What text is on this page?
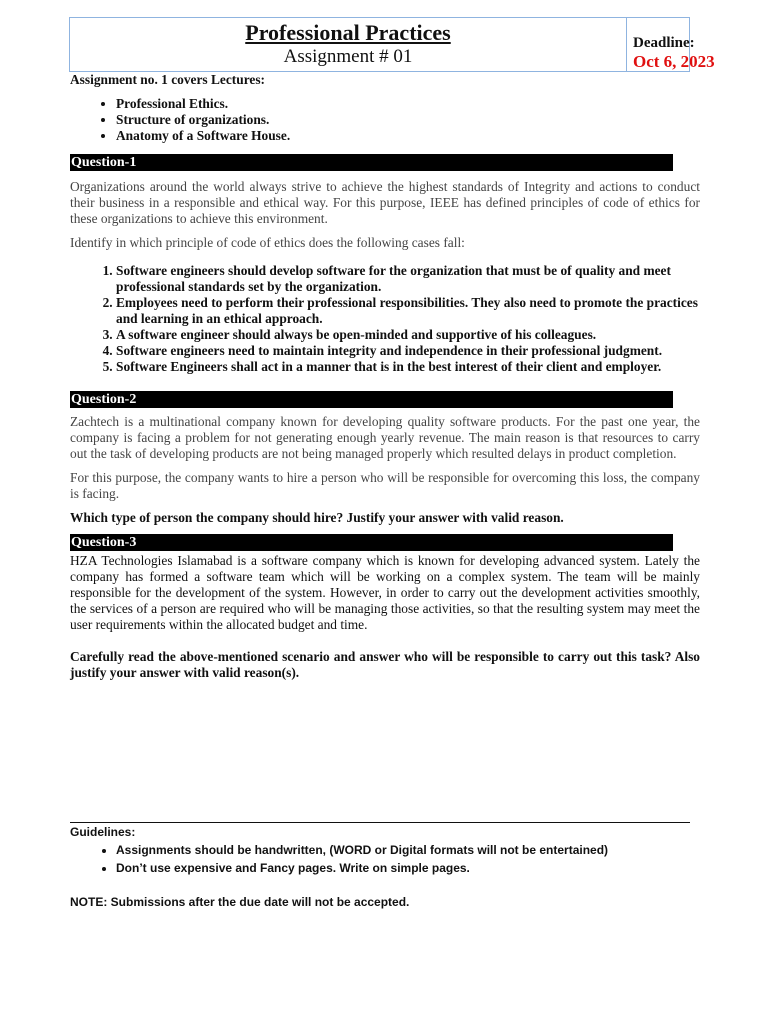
Professional Practices
Assignment # 01
Deadline:
Oct 6, 2023
Assignment no. 1 covers Lectures:
• Professional Ethics.
• Structure of organizations.
• Anatomy of a Software House.
Question-1

Organizations around the world always strive to achieve the highest standards of Integrity and actions to conduct their business in a responsible and ethical way. For this purpose, IEEE has defined principles of code of ethics for these organizations to achieve this environment.

Identify in which principle of code of ethics does the following cases fall:

1. Software engineers should develop software for the organization that must be of quality and meet professional standards set by the organization.
2. Employees need to perform their professional responsibilities. They also need to promote the practices and learning in an ethical approach.
3. A software engineer should always be open-minded and supportive of his colleagues.
4. Software engineers need to maintain integrity and independence in their professional judgment.
5. Software Engineers shall act in a manner that is in the best interest of their client and employer.
Question-2

Zachtech is a multinational company known for developing quality software products. For the past one year, the company is facing a problem for not generating enough yearly revenue. The main reason is that resources to carry out the task of developing products are not being managed properly which resulted delays in product completion.

For this purpose, the company wants to hire a person who will be responsible for overcoming this loss, the company is facing.

Which type of person the company should hire? Justify your answer with valid reason.

Question-3

HZA Technologies Islamabad is a software company which is known for developing advanced system. Lately the company has formed a software team which will be working on a complex system. The team will be mainly responsible for the development of the system. However, in order to carry out the development activities smoothly, the services of a person are required who will be managing those activities, so that the resulting system may meet the user requirements within the allocated budget and time.

Carefully read the above-mentioned scenario and answer who will be responsible to carry out this task? Also justify your answer with valid reason(s).

Guidelines:
• Assignments should be handwritten, (WORD or Digital formats will not be entertained)
• Don’t use expensive and Fancy pages. Write on simple pages.
NOTE: Submissions after the due date will not be accepted.
